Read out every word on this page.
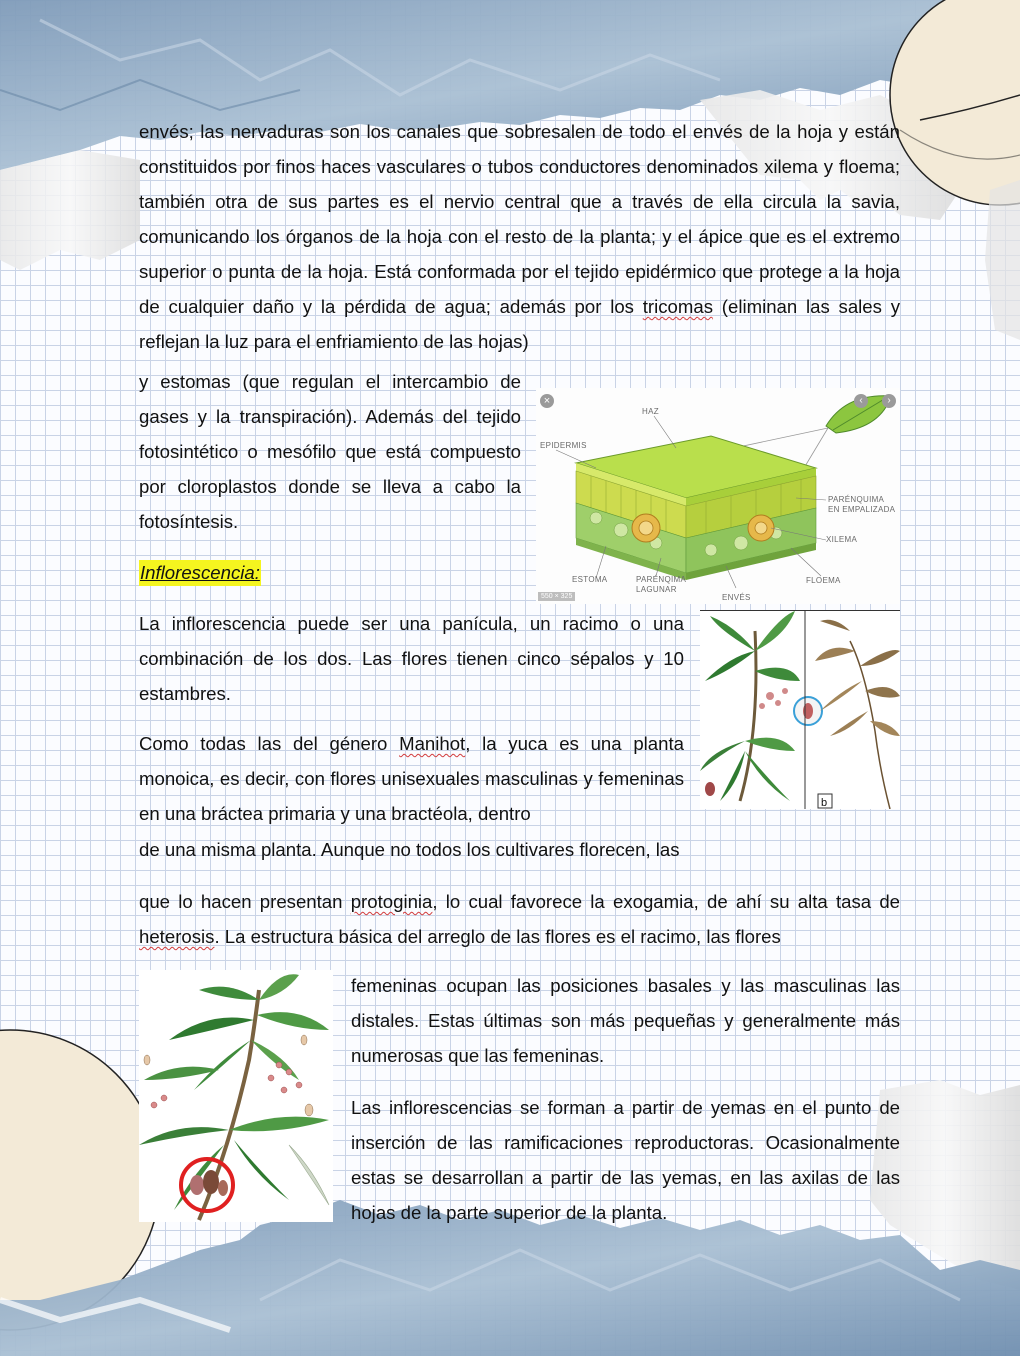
envés; las nervaduras son los canales que sobresalen de todo el envés de la hoja y están constituidos por finos haces vasculares o tubos conductores denominados xilema y floema; también otra de sus partes es el nervio central que a través de ella circula la savia, comunicando los órganos de la hoja con el resto de la planta; y el ápice que es el extremo superior o punta de la hoja. Está conformada por el tejido epidérmico que protege a la hoja de cualquier daño y la pérdida de agua; además por los tricomas (eliminan las sales y reflejan la luz para el enfriamiento de las hojas)

y estomas (que regulan el intercambio de gases y la transpiración). Además del tejido fotosintético o mesófilo que está compuesto por cloroplastos donde se lleva a cabo la fotosíntesis.

HAZ
EPIDERMIS
PARÉNQUIMA
EN EMPALIZADA
XILEMA
FLOEMA
ESTOMA	PARÉNQIMA
LAGUNAR
ENVÉS
×	‹	›
550 × 325
Inflorescencia:

La inflorescencia puede ser una panícula, un racimo o una combinación de los dos. Las flores tienen cinco sépalos y 10 estambres.

Como todas las del género Manihot, la yuca es una planta monoica, es decir, con flores unisexuales masculinas y femeninas en una bráctea primaria y una bractéola, dentro

de una misma planta. Aunque no todos los cultivares florecen, las

b

que lo hacen presentan protoginia, lo cual favorece la exogamia, de ahí su alta tasa de heterosis. La estructura básica del arreglo de las flores es el racimo, las flores

femeninas ocupan las posiciones basales y las masculinas las distales. Estas últimas son más pequeñas y generalmente más numerosas que las femeninas.

Las inflorescencias se forman a partir de yemas en el punto de inserción de las ramificaciones reproductoras. Ocasionalmente estas se desarrollan a partir de las yemas, en las axilas de las hojas de la parte superior de la planta.
